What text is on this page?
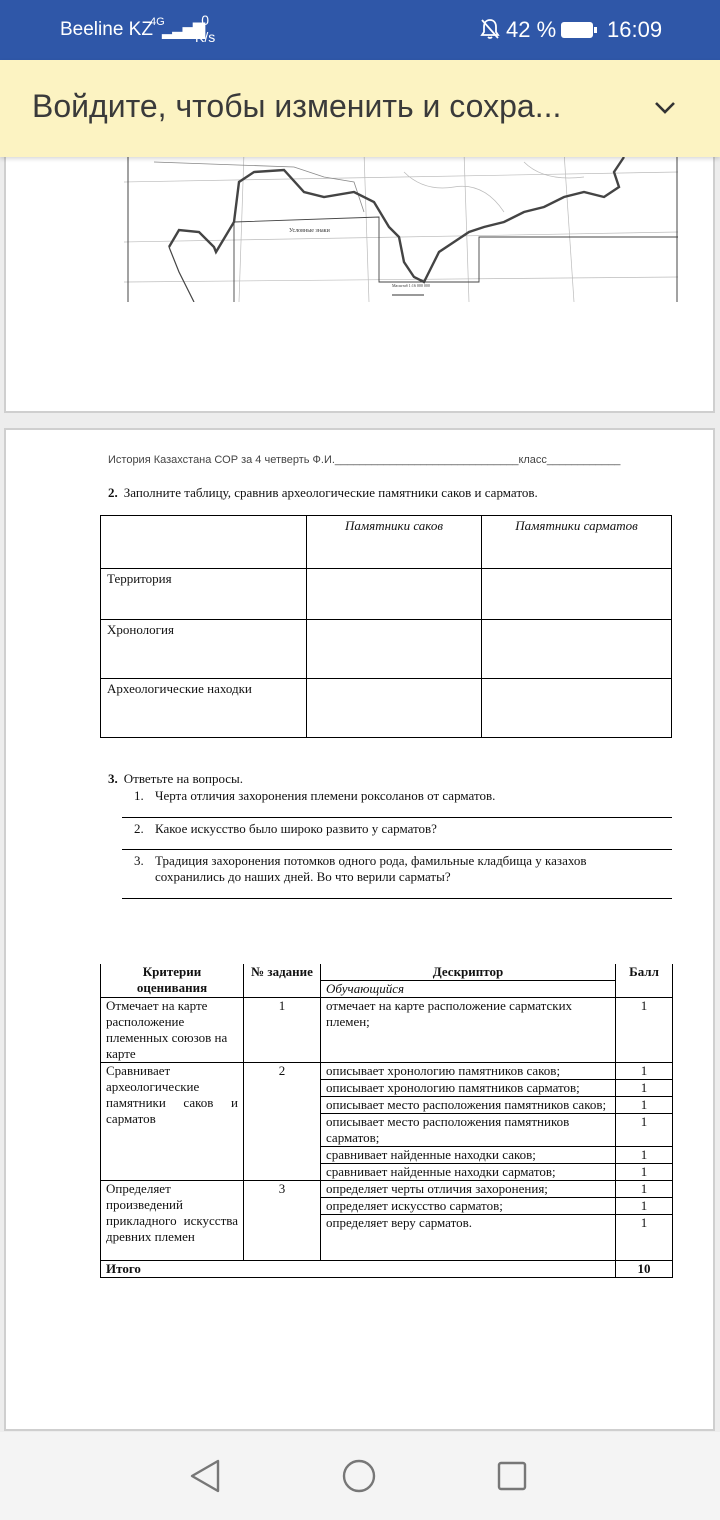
Beeline KZ
4G
▂▃▅▇
0
K/s	42 % 16:09
Войдите, чтобы изменить и сохра...
Условные знаки
Масштаб 1:16 000 000
История Казахстана СОР за 4 четверть Ф.И.______________________________класс____________
2. Заполните таблицу, сравнив археологические памятники саков и сарматов.
	Памятники саков	Памятники сарматов
Территория		
Хронология		
Археологические находки		
3. Ответьте на вопросы.
1. Черта отличия захоронения племени роксоланов от сарматов.
2. Какое искусство было широко развито у сарматов?
3. Традиция захоронения потомков одного рода, фамильные кладбища у казахов сохранились до наших дней. Во что верили сарматы?
Критерии оценивания	№ задание	Дескриптор	Балл
		Обучающийся	
Отмечает на карте расположение племенных союзов на карте	1	отмечает на карте расположение сарматских племен;	1
Сравнивает археологические памятники саков и сарматов	2	описывает хронологию памятников саков;	1
		описывает хронологию памятников сарматов;	1
		описывает место расположения памятников саков;	1
		описывает место расположения памятников сарматов;	1
		сравнивает найденные находки саков;	1
		сравнивает найденные находки сарматов;	1
Определяет произведений прикладного искусства древних племен	3	определяет черты отличия захоронения;	1
		определяет искусство сарматов;	1
		определяет веру сарматов.	1
Итого			10
